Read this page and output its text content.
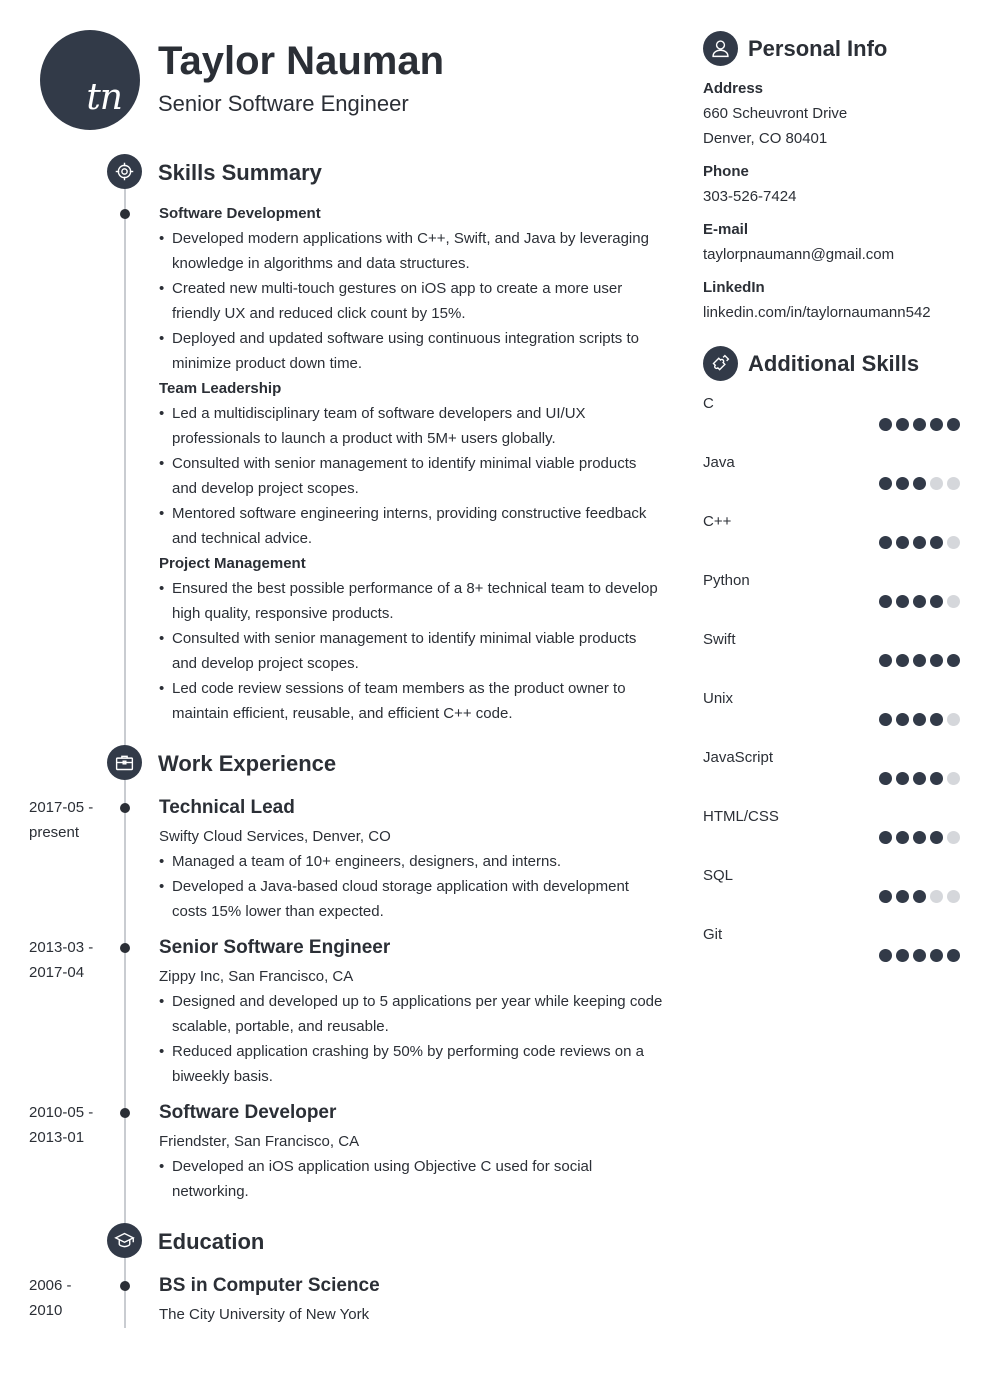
tn
Taylor Nauman
Senior Software Engineer
Skills Summary
Software Development
• Developed modern applications with C++, Swift, and Java by leveraging knowledge in algorithms and data structures.
• Created new multi-touch gestures on iOS app to create a more user friendly UX and reduced click count by 15%.
• Deployed and updated software using continuous integration scripts to minimize product down time.
Team Leadership
• Led a multidisciplinary team of software developers and UI/UX professionals to launch a product with 5M+ users globally.
• Consulted with senior management to identify minimal viable products and develop project scopes.
• Mentored software engineering interns, providing constructive feedback and technical advice.
Project Management
• Ensured the best possible performance of a 8+ technical team to develop high quality, responsive products.
• Consulted with senior management to identify minimal viable products and develop project scopes.
• Led code review sessions of team members as the product owner to maintain efficient, reusable, and efficient C++ code.
Work Experience
2017-05 -
present
Technical Lead
Swifty Cloud Services, Denver, CO
• Managed a team of 10+ engineers, designers, and interns.
• Developed a Java-based cloud storage application with development costs 15% lower than expected.
2013-03 -
2017-04
Senior Software Engineer
Zippy Inc, San Francisco, CA
• Designed and developed up to 5 applications per year while keeping code scalable, portable, and reusable.
• Reduced application crashing by 50% by performing code reviews on a biweekly basis.
2010-05 -
2013-01
Software Developer
Friendster, San Francisco, CA
• Developed an iOS application using Objective C used for social networking.
Education
2006 -
2010
BS in Computer Science
The City University of New York
Personal Info
Address
660 Scheuvront Drive
Denver, CO 80401
Phone
303-526-7424
E-mail
taylorpnaumann@gmail.com
LinkedIn
linkedin.com/in/taylornaumann542
Additional Skills
C
Java
C++
Python
Swift
Unix
JavaScript
HTML/CSS
SQL
Git
